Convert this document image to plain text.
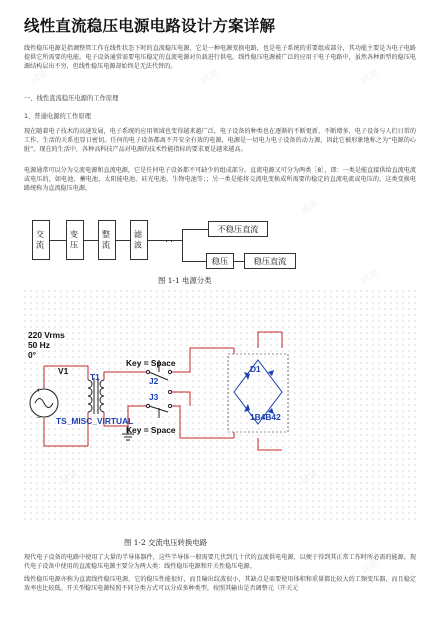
线性直流稳压电源电路设计方案详解
线性稳压电源是指调整管工作在线性状态下时的直流稳压电源，它是一种电源变换电路，也是电子系统的重要组成部分，其功能主要是为电子电路提供它所需要的电能。电子设备通常需要电压稳定的直流电源对负载进行供电。线性稳压电源被广泛的应用于电子电路中，虽然各种新型的稳压电源结构层出不穷，但线性稳压电源却始终是无法代替的。
一、线性直流稳压电源的工作原理
1、普通电源的工作原理
现在随着电子技术的高速发展，电子系统的应用领域也变得越来越广泛，电子设备的种类也在逐渐的不断更新、不断增多，电子设备与人们日常的工作、生活的关系也显日密切。任何的电子设备都离不开安全有效的电源，电源是一切电力电子设备的动力源，因此它被形象地称之为“电源的心脏”。现在的生活中，各种高科技产品对电源的技术性能指标的要求更是越来越高。
电源通常可以分为交流电源和直流电源，它是任何电子设备都不可缺少的组成部分。直流电源又可分为两类［8］，即：一类是能直接供给直流电流或电压的，如电池、蓄电池、太阳能电池、硅光电池、生物电池等；；另一类是能将交流电变换成所需要的稳定的直流电流或电压的，这类变换电路统称为直流稳压电源。
交流	变压	整流	滤波
不稳压直流
稳压	稳压直流
图 1-1 电源分类
+
−
220 Vrms
50 Hz
0°
V1
T1
TS_MISC_VIRTUAL
Key = Space
J2
J3
Key = Space
D1
1B4B42
图 1-2 交流电压转换电路
现代电子设备的电路中使用了大量的半导体器件，这些半导体一般需要几伏到几十伏的直流供电电源，以便于得到其正常工作时所必需的能源。现代电子设备中使用的直流稳压电源主要分为两大类：线性稳压电源和开关性稳压电源。
线性稳压电源亦称为直流线性稳压电源，它的稳压性能很好，而且输出纹波很小，其缺点是需要使用体积和重量都比较大的工频变压器，而且稳定效率也比较低。开关型稳压电源按照不同分类方式可以分成多种类型。按照其输出是否调整元（开关元
试读	试读	试读
试读
试读
试读
试读
试读
